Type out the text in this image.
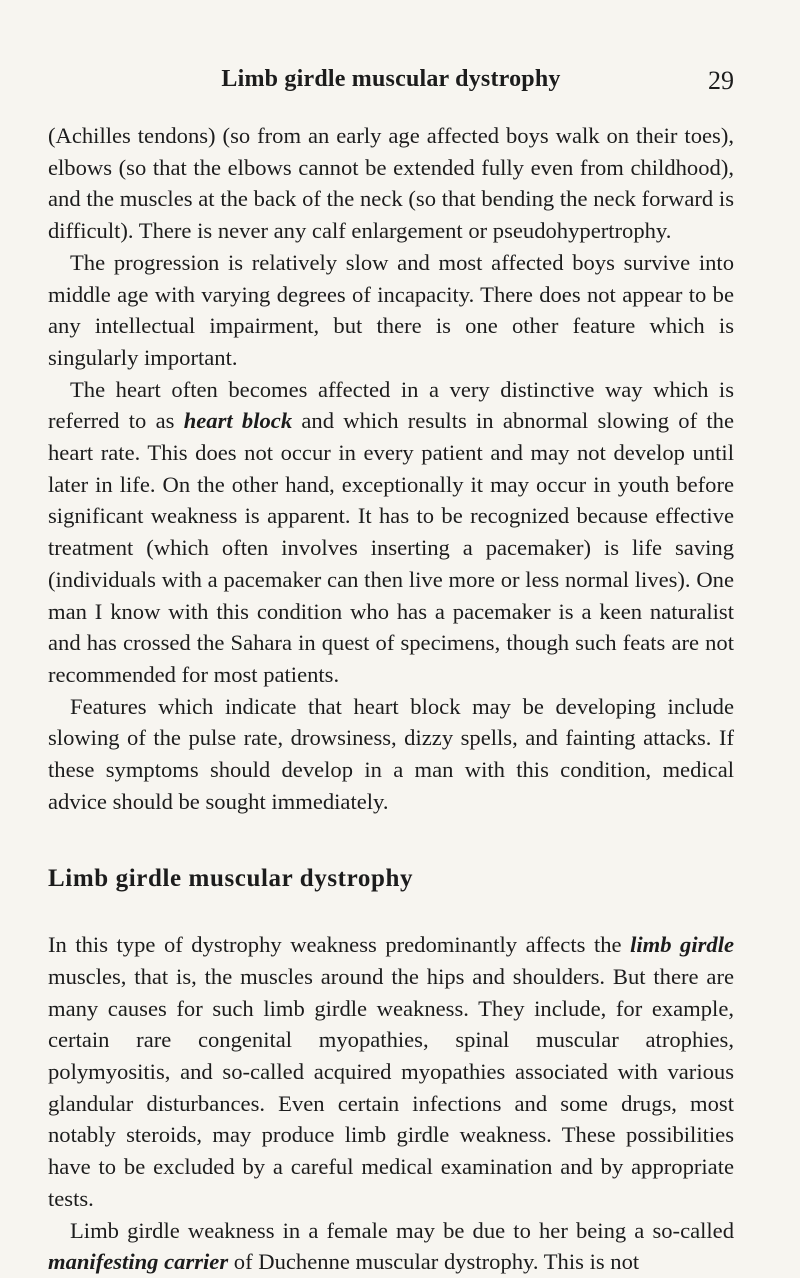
Limb girdle muscular dystrophy	29

(Achilles tendons) (so from an early age affected boys walk on their toes), elbows (so that the elbows cannot be extended fully even from childhood), and the muscles at the back of the neck (so that bending the neck forward is difficult). There is never any calf enlargement or pseudohypertrophy.

The progression is relatively slow and most affected boys survive into middle age with varying degrees of incapacity. There does not appear to be any intellectual impairment, but there is one other feature which is singularly important.

The heart often becomes affected in a very distinctive way which is referred to as heart block and which results in abnormal slowing of the heart rate. This does not occur in every patient and may not develop until later in life. On the other hand, exceptionally it may occur in youth before significant weakness is apparent. It has to be recognized because effective treatment (which often involves inserting a pacemaker) is life saving (individuals with a pacemaker can then live more or less normal lives). One man I know with this condition who has a pacemaker is a keen naturalist and has crossed the Sahara in quest of specimens, though such feats are not recommended for most patients.

Features which indicate that heart block may be developing include slowing of the pulse rate, drowsiness, dizzy spells, and fainting attacks. If these symptoms should develop in a man with this condition, medical advice should be sought immediately.

Limb girdle muscular dystrophy

In this type of dystrophy weakness predominantly affects the limb girdle muscles, that is, the muscles around the hips and shoulders. But there are many causes for such limb girdle weakness. They include, for example, certain rare congenital myopathies, spinal muscular atrophies, polymyositis, and so-called acquired myopathies associated with various glandular disturbances. Even certain infections and some drugs, most notably steroids, may produce limb girdle weakness. These possibilities have to be excluded by a careful medical examination and by appropriate tests.

Limb girdle weakness in a female may be due to her being a so-called manifesting carrier of Duchenne muscular dystrophy. This is not
